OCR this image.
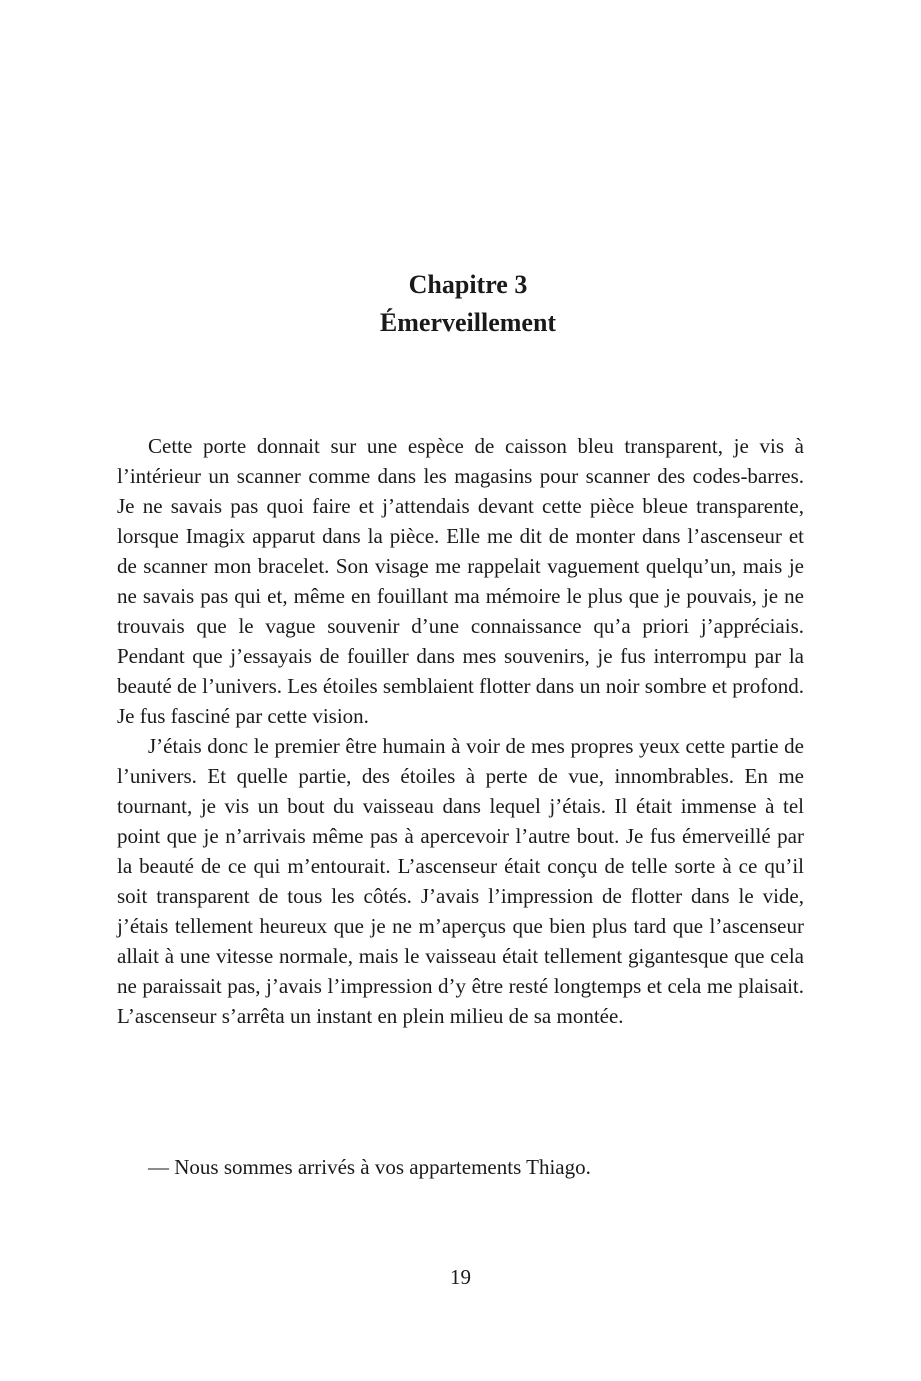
Chapitre 3
Émerveillement

Cette porte donnait sur une espèce de caisson bleu transparent, je vis à l’intérieur un scanner comme dans les magasins pour scanner des codes-barres. Je ne savais pas quoi faire et j’attendais devant cette pièce bleue transparente, lorsque Imagix apparut dans la pièce. Elle me dit de monter dans l’ascenseur et de scanner mon bracelet. Son visage me rappelait vaguement quelqu’un, mais je ne savais pas qui et, même en fouillant ma mémoire le plus que je pouvais, je ne trouvais que le vague souvenir d’une connaissance qu’a priori j’appréciais. Pendant que j’essayais de fouiller dans mes souvenirs, je fus interrompu par la beauté de l’univers. Les étoiles semblaient flotter dans un noir sombre et profond. Je fus fasciné par cette vision.

J’étais donc le premier être humain à voir de mes propres yeux cette partie de l’univers. Et quelle partie, des étoiles à perte de vue, innombrables. En me tournant, je vis un bout du vaisseau dans lequel j’étais. Il était immense à tel point que je n’arrivais même pas à apercevoir l’autre bout. Je fus émerveillé par la beauté de ce qui m’entourait. L’ascenseur était conçu de telle sorte à ce qu’il soit transparent de tous les côtés. J’avais l’impression de flotter dans le vide, j’étais tellement heureux que je ne m’aperçus que bien plus tard que l’ascenseur allait à une vitesse normale, mais le vaisseau était tellement gigantesque que cela ne paraissait pas, j’avais l’impression d’y être resté longtemps et cela me plaisait. L’ascenseur s’arrêta un instant en plein milieu de sa montée.

— Nous sommes arrivés à vos appartements Thiago.

19
